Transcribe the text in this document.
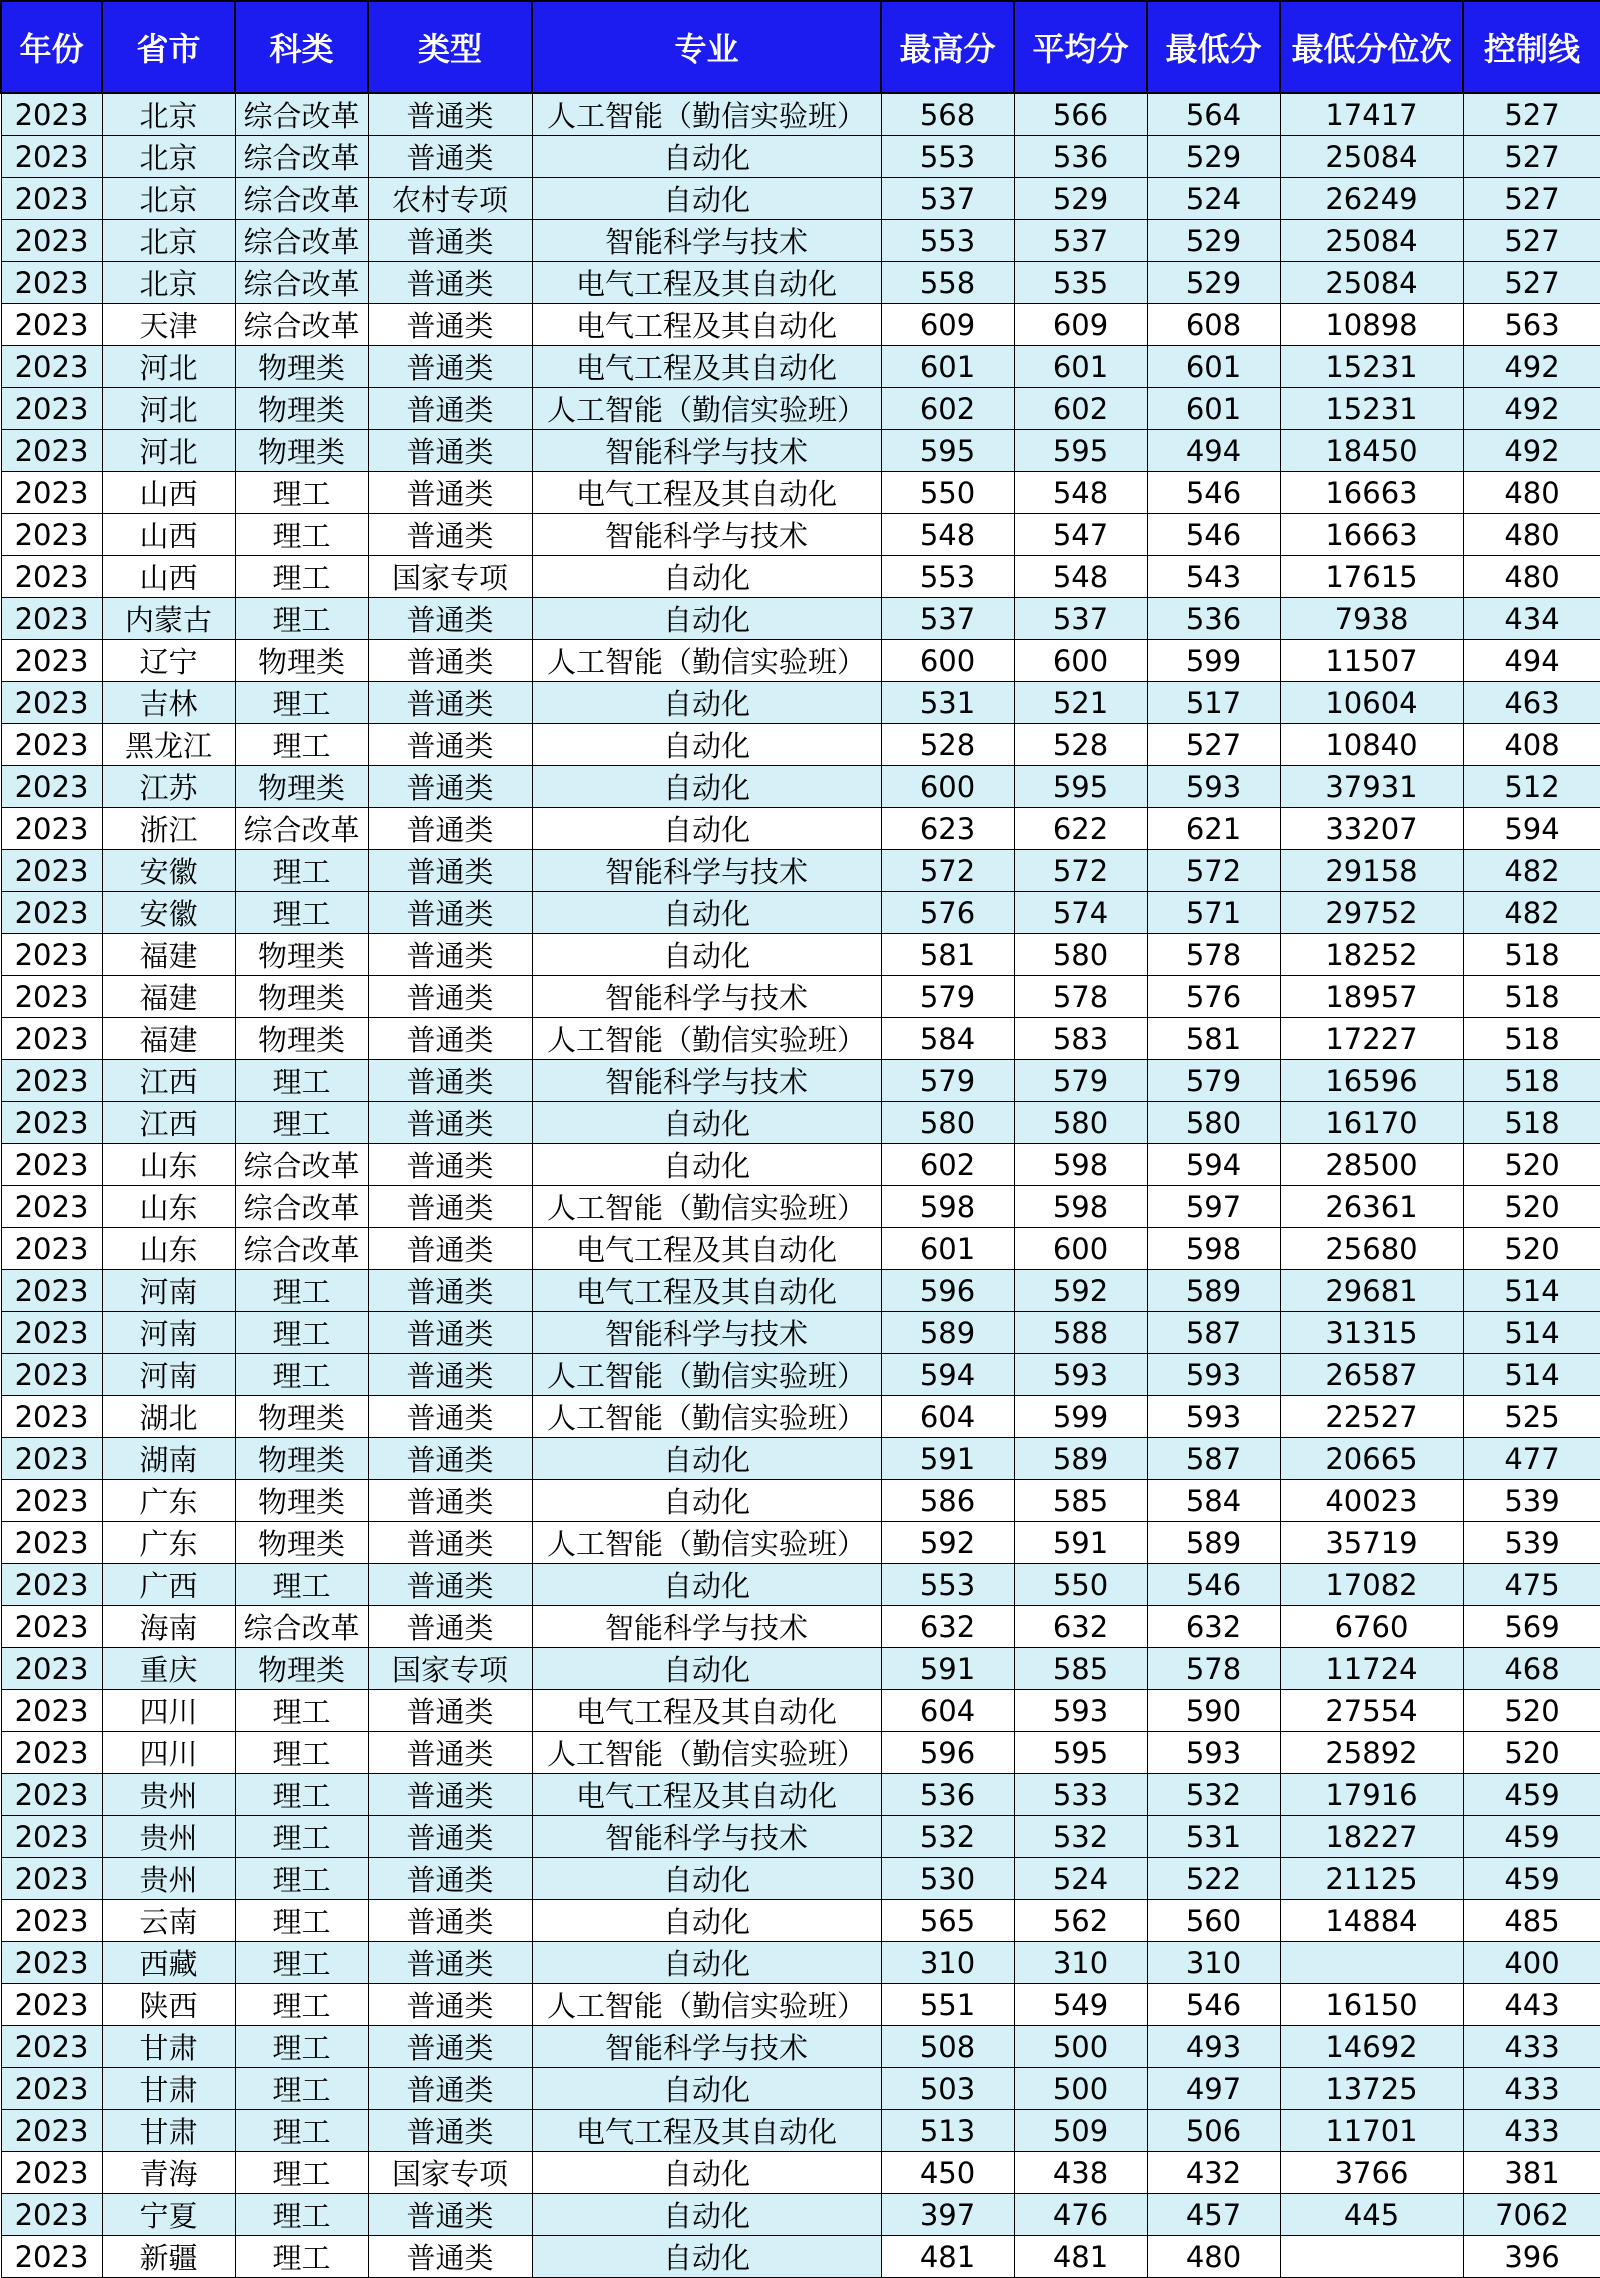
年份	省市	科类	类型	专业	最高分	平均分	最低分	最低分位次	控制线
2023	北京	综合改革	普通类	人工智能（勤信实验班）	568	566	564	17417	527
2023	北京	综合改革	普通类	自动化	553	536	529	25084	527
2023	北京	综合改革	农村专项	自动化	537	529	524	26249	527
2023	北京	综合改革	普通类	智能科学与技术	553	537	529	25084	527
2023	北京	综合改革	普通类	电气工程及其自动化	558	535	529	25084	527
2023	天津	综合改革	普通类	电气工程及其自动化	609	609	608	10898	563
2023	河北	物理类	普通类	电气工程及其自动化	601	601	601	15231	492
2023	河北	物理类	普通类	人工智能（勤信实验班）	602	602	601	15231	492
2023	河北	物理类	普通类	智能科学与技术	595	595	494	18450	492
2023	山西	理工	普通类	电气工程及其自动化	550	548	546	16663	480
2023	山西	理工	普通类	智能科学与技术	548	547	546	16663	480
2023	山西	理工	国家专项	自动化	553	548	543	17615	480
2023	内蒙古	理工	普通类	自动化	537	537	536	7938	434
2023	辽宁	物理类	普通类	人工智能（勤信实验班）	600	600	599	11507	494
2023	吉林	理工	普通类	自动化	531	521	517	10604	463
2023	黑龙江	理工	普通类	自动化	528	528	527	10840	408
2023	江苏	物理类	普通类	自动化	600	595	593	37931	512
2023	浙江	综合改革	普通类	自动化	623	622	621	33207	594
2023	安徽	理工	普通类	智能科学与技术	572	572	572	29158	482
2023	安徽	理工	普通类	自动化	576	574	571	29752	482
2023	福建	物理类	普通类	自动化	581	580	578	18252	518
2023	福建	物理类	普通类	智能科学与技术	579	578	576	18957	518
2023	福建	物理类	普通类	人工智能（勤信实验班）	584	583	581	17227	518
2023	江西	理工	普通类	智能科学与技术	579	579	579	16596	518
2023	江西	理工	普通类	自动化	580	580	580	16170	518
2023	山东	综合改革	普通类	自动化	602	598	594	28500	520
2023	山东	综合改革	普通类	人工智能（勤信实验班）	598	598	597	26361	520
2023	山东	综合改革	普通类	电气工程及其自动化	601	600	598	25680	520
2023	河南	理工	普通类	电气工程及其自动化	596	592	589	29681	514
2023	河南	理工	普通类	智能科学与技术	589	588	587	31315	514
2023	河南	理工	普通类	人工智能（勤信实验班）	594	593	593	26587	514
2023	湖北	物理类	普通类	人工智能（勤信实验班）	604	599	593	22527	525
2023	湖南	物理类	普通类	自动化	591	589	587	20665	477
2023	广东	物理类	普通类	自动化	586	585	584	40023	539
2023	广东	物理类	普通类	人工智能（勤信实验班）	592	591	589	35719	539
2023	广西	理工	普通类	自动化	553	550	546	17082	475
2023	海南	综合改革	普通类	智能科学与技术	632	632	632	6760	569
2023	重庆	物理类	国家专项	自动化	591	585	578	11724	468
2023	四川	理工	普通类	电气工程及其自动化	604	593	590	27554	520
2023	四川	理工	普通类	人工智能（勤信实验班）	596	595	593	25892	520
2023	贵州	理工	普通类	电气工程及其自动化	536	533	532	17916	459
2023	贵州	理工	普通类	智能科学与技术	532	532	531	18227	459
2023	贵州	理工	普通类	自动化	530	524	522	21125	459
2023	云南	理工	普通类	自动化	565	562	560	14884	485
2023	西藏	理工	普通类	自动化	310	310	310		400
2023	陕西	理工	普通类	人工智能（勤信实验班）	551	549	546	16150	443
2023	甘肃	理工	普通类	智能科学与技术	508	500	493	14692	433
2023	甘肃	理工	普通类	自动化	503	500	497	13725	433
2023	甘肃	理工	普通类	电气工程及其自动化	513	509	506	11701	433
2023	青海	理工	国家专项	自动化	450	438	432	3766	381
2023	宁夏	理工	普通类	自动化	397	476	457	445	7062
2023	新疆	理工	普通类	自动化	481	481	480		396
